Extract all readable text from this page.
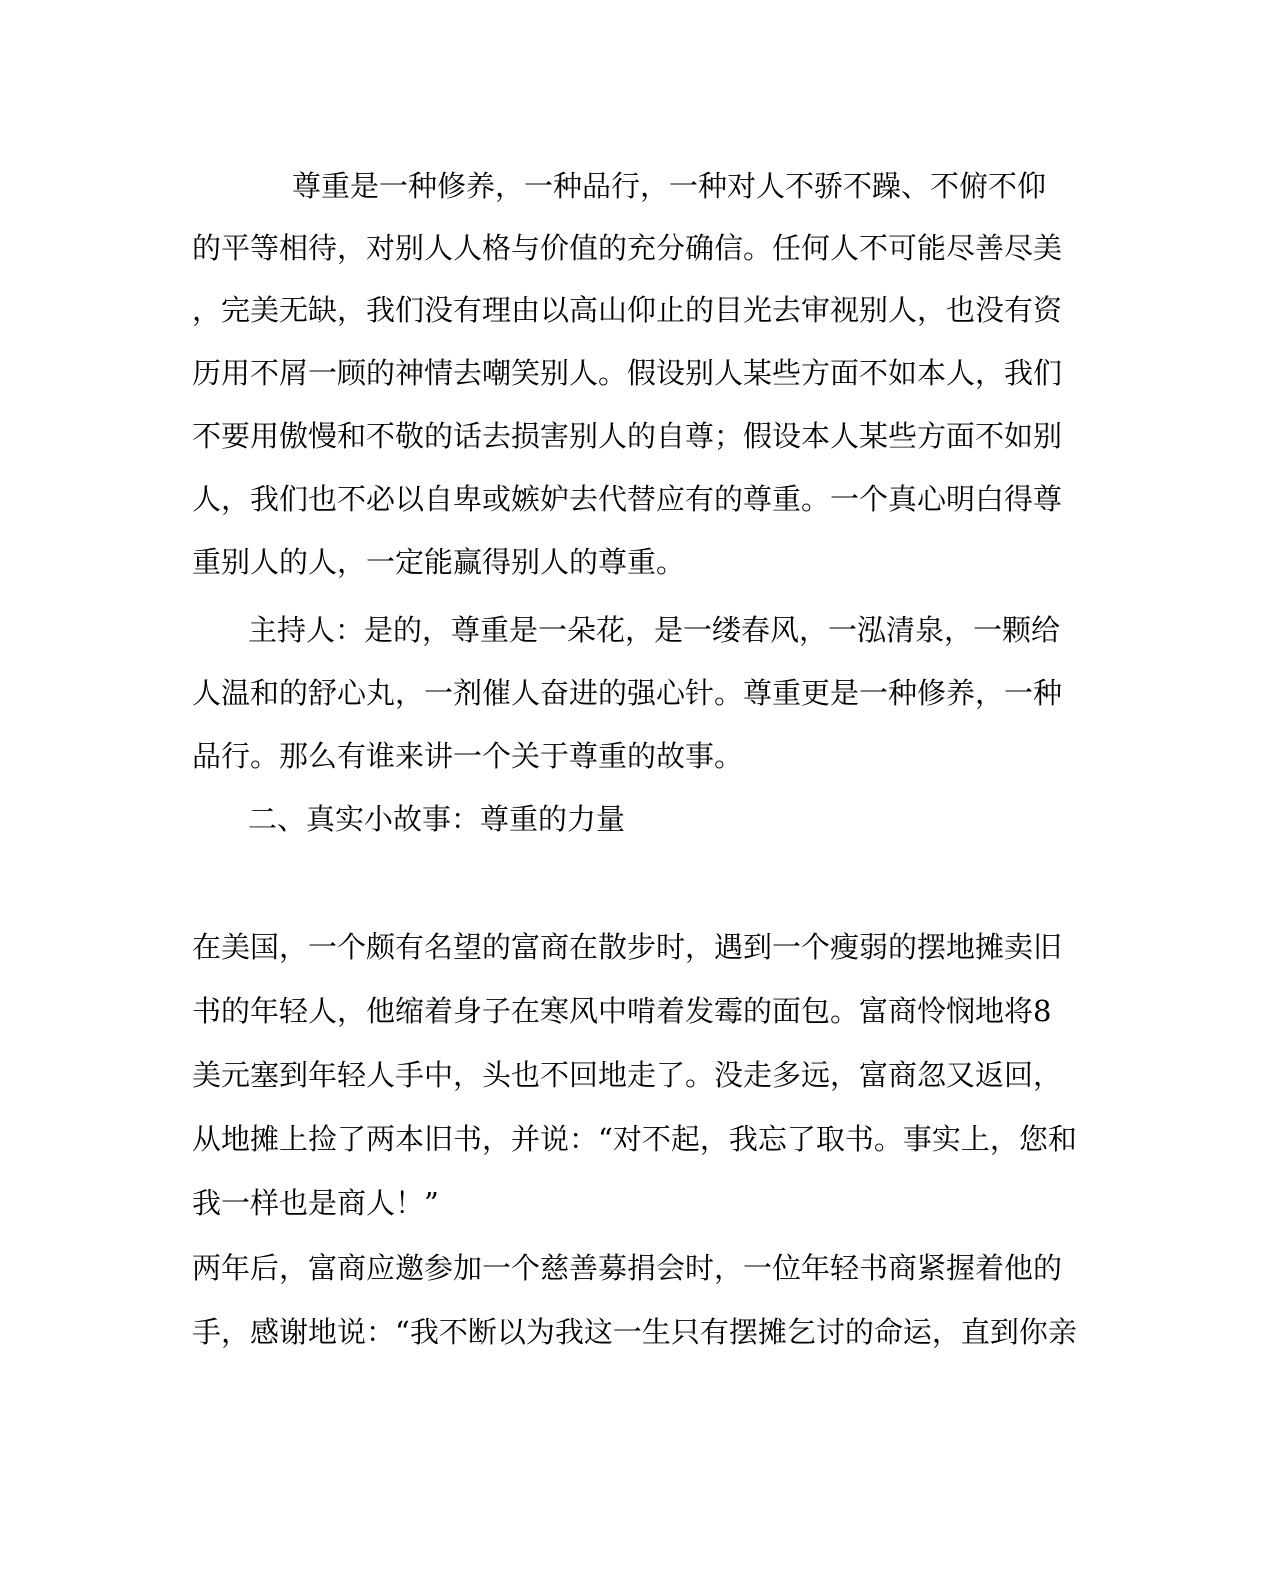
尊重是一种修养，一种品行，一种对人不骄不躁、不俯不仰

的平等相待，对别人人格与价值的充分确信。任何人不可能尽善尽美

，完美无缺，我们没有理由以高山仰止的目光去审视别人，也没有资

历用不屑一顾的神情去嘲笑别人。假设别人某些方面不如本人，我们

不要用傲慢和不敬的话去损害别人的自尊；假设本人某些方面不如别

人，我们也不必以自卑或嫉妒去代替应有的尊重。一个真心明白得尊

重别人的人，一定能赢得别人的尊重。

主持人：是的，尊重是一朵花，是一缕春风，一泓清泉，一颗给

人温和的舒心丸，一剂催人奋进的强心针。尊重更是一种修养，一种

品行。那么有谁来讲一个关于尊重的故事。

二、真实小故事：尊重的力量

在美国，一个颇有名望的富商在散步时，遇到一个瘦弱的摆地摊卖旧

书的年轻人，他缩着身子在寒风中啃着发霉的面包。富商怜悯地将8

美元塞到年轻人手中，头也不回地走了。没走多远，富商忽又返回，

从地摊上捡了两本旧书，并说：“对不起，我忘了取书。事实上，您和

我一样也是商人！”

两年后，富商应邀参加一个慈善募捐会时，一位年轻书商紧握着他的

手，感谢地说：“我不断以为我这一生只有摆摊乞讨的命运，直到你亲
